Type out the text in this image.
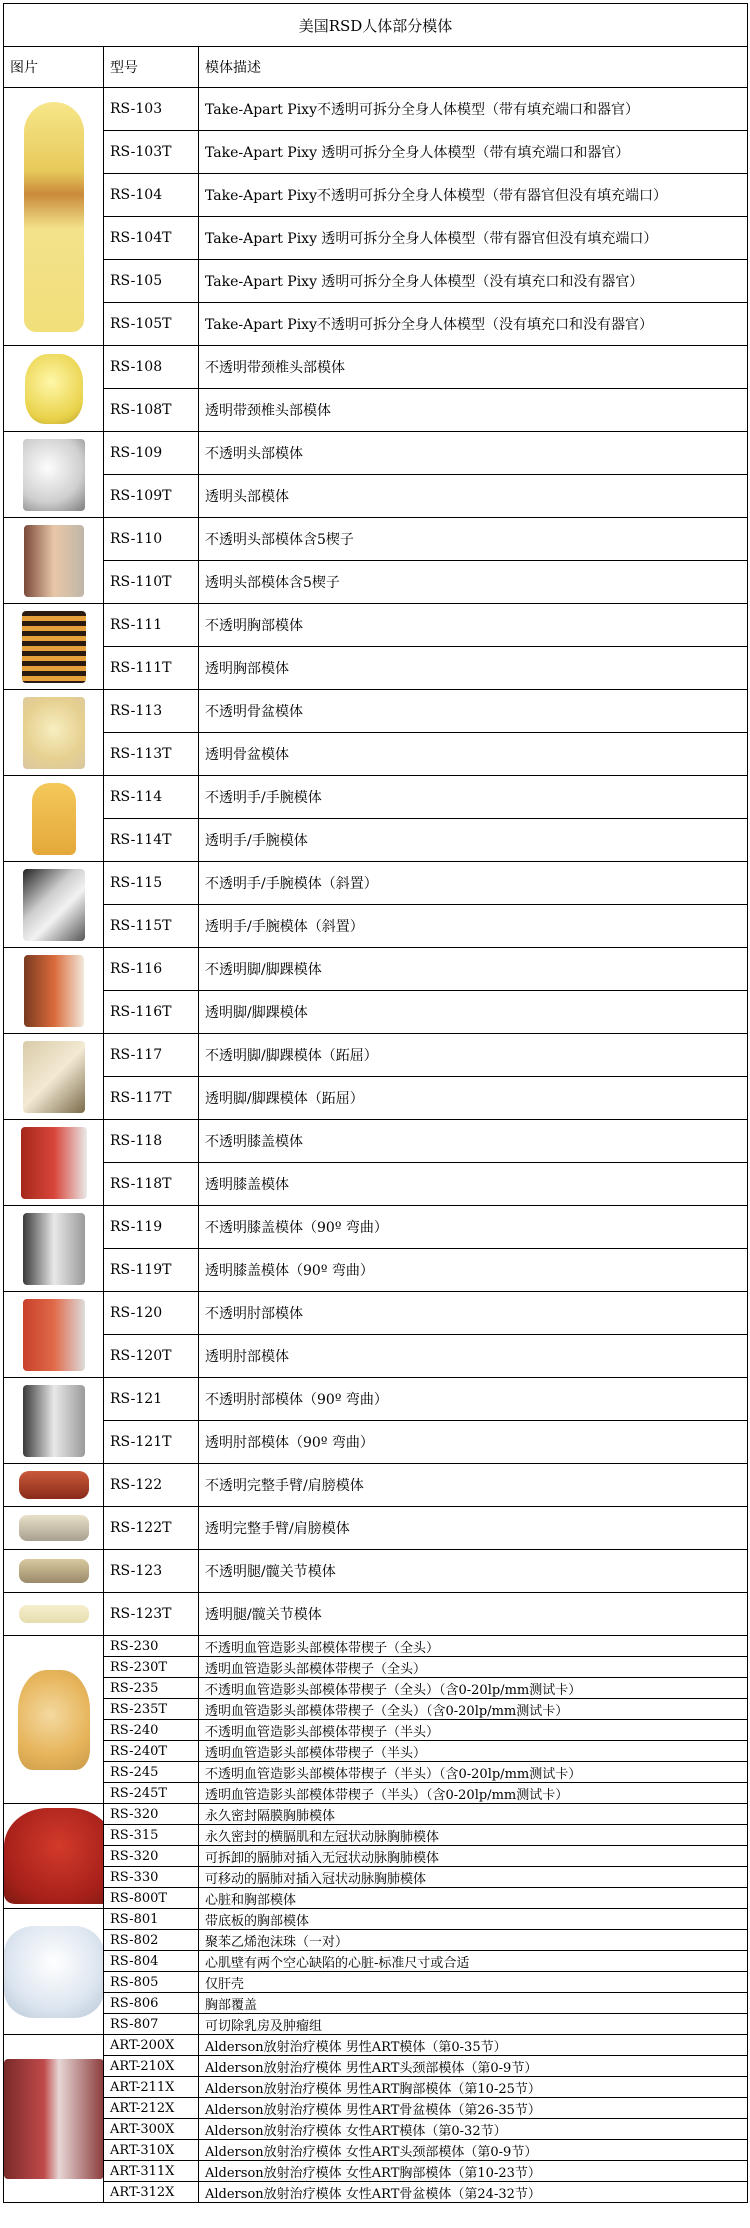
美国RSD人体部分模体		
图片	型号	模体描述
	RS-103	Take-Apart Pixy不透明可拆分全身人体模型（带有填充端口和器官）
	RS-103T	Take-Apart Pixy 透明可拆分全身人体模型（带有填充端口和器官）
	RS-104	Take-Apart Pixy不透明可拆分全身人体模型（带有器官但没有填充端口）
	RS-104T	Take-Apart Pixy 透明可拆分全身人体模型（带有器官但没有填充端口）
	RS-105	Take-Apart Pixy 透明可拆分全身人体模型（没有填充口和没有器官）
	RS-105T	Take-Apart Pixy不透明可拆分全身人体模型（没有填充口和没有器官）
	RS-108	不透明带颈椎头部模体
	RS-108T	透明带颈椎头部模体
	RS-109	不透明头部模体
	RS-109T	透明头部模体
	RS-110	不透明头部模体含5楔子
	RS-110T	透明头部模体含5楔子
	RS-111	不透明胸部模体
	RS-111T	透明胸部模体
	RS-113	不透明骨盆模体
	RS-113T	透明骨盆模体
	RS-114	不透明手/手腕模体
	RS-114T	透明手/手腕模体
	RS-115	不透明手/手腕模体（斜置）
	RS-115T	透明手/手腕模体（斜置）
	RS-116	不透明脚/脚踝模体
	RS-116T	透明脚/脚踝模体
	RS-117	不透明脚/脚踝模体（跖屈）
	RS-117T	透明脚/脚踝模体（跖屈）
	RS-118	不透明膝盖模体
	RS-118T	透明膝盖模体
	RS-119	不透明膝盖模体（90º 弯曲）
	RS-119T	透明膝盖模体（90º 弯曲）
	RS-120	不透明肘部模体
	RS-120T	透明肘部模体
	RS-121	不透明肘部模体（90º 弯曲）
	RS-121T	透明肘部模体（90º 弯曲）
	RS-122	不透明完整手臂/肩膀模体
	RS-122T	透明完整手臂/肩膀模体
	RS-123	不透明腿/髋关节模体
	RS-123T	透明腿/髋关节模体
	RS-230	不透明血管造影头部模体带楔子（全头）
	RS-230T	透明血管造影头部模体带楔子（全头）
	RS-235	不透明血管造影头部模体带楔子（全头）（含0-20lp/mm测试卡）
	RS-235T	透明血管造影头部模体带楔子（全头）（含0-20lp/mm测试卡）
	RS-240	不透明血管造影头部模体带楔子（半头）
	RS-240T	透明血管造影头部模体带楔子（半头）
	RS-245	不透明血管造影头部模体带楔子（半头）（含0-20lp/mm测试卡）
	RS-245T	透明血管造影头部模体带楔子（半头）（含0-20lp/mm测试卡）
	RS-320	永久密封隔膜胸肺模体
	RS-315	永久密封的横膈肌和左冠状动脉胸肺模体
	RS-320	可拆卸的膈肺对插入无冠状动脉胸肺模体
	RS-330	可移动的膈肺对插入冠状动脉胸肺模体
	RS-800T	心脏和胸部模体
	RS-801	带底板的胸部模体
	RS-802	聚苯乙烯泡沫珠（一对）
	RS-804	心肌壁有两个空心缺陷的心脏-标准尺寸或合适
	RS-805	仅肝壳
	RS-806	胸部覆盖
	RS-807	可切除乳房及肿瘤组
	ART-200X	Alderson放射治疗模体 男性ART模体（第0-35节）
	ART-210X	Alderson放射治疗模体 男性ART头颈部模体（第0-9节）
	ART-211X	Alderson放射治疗模体 男性ART胸部模体（第10-25节）
	ART-212X	Alderson放射治疗模体 男性ART骨盆模体（第26-35节）
	ART-300X	Alderson放射治疗模体 女性ART模体（第0-32节）
	ART-310X	Alderson放射治疗模体 女性ART头颈部模体（第0-9节）
	ART-311X	Alderson放射治疗模体 女性ART胸部模体（第10-23节）
	ART-312X	Alderson放射治疗模体 女性ART骨盆模体（第24-32节）
